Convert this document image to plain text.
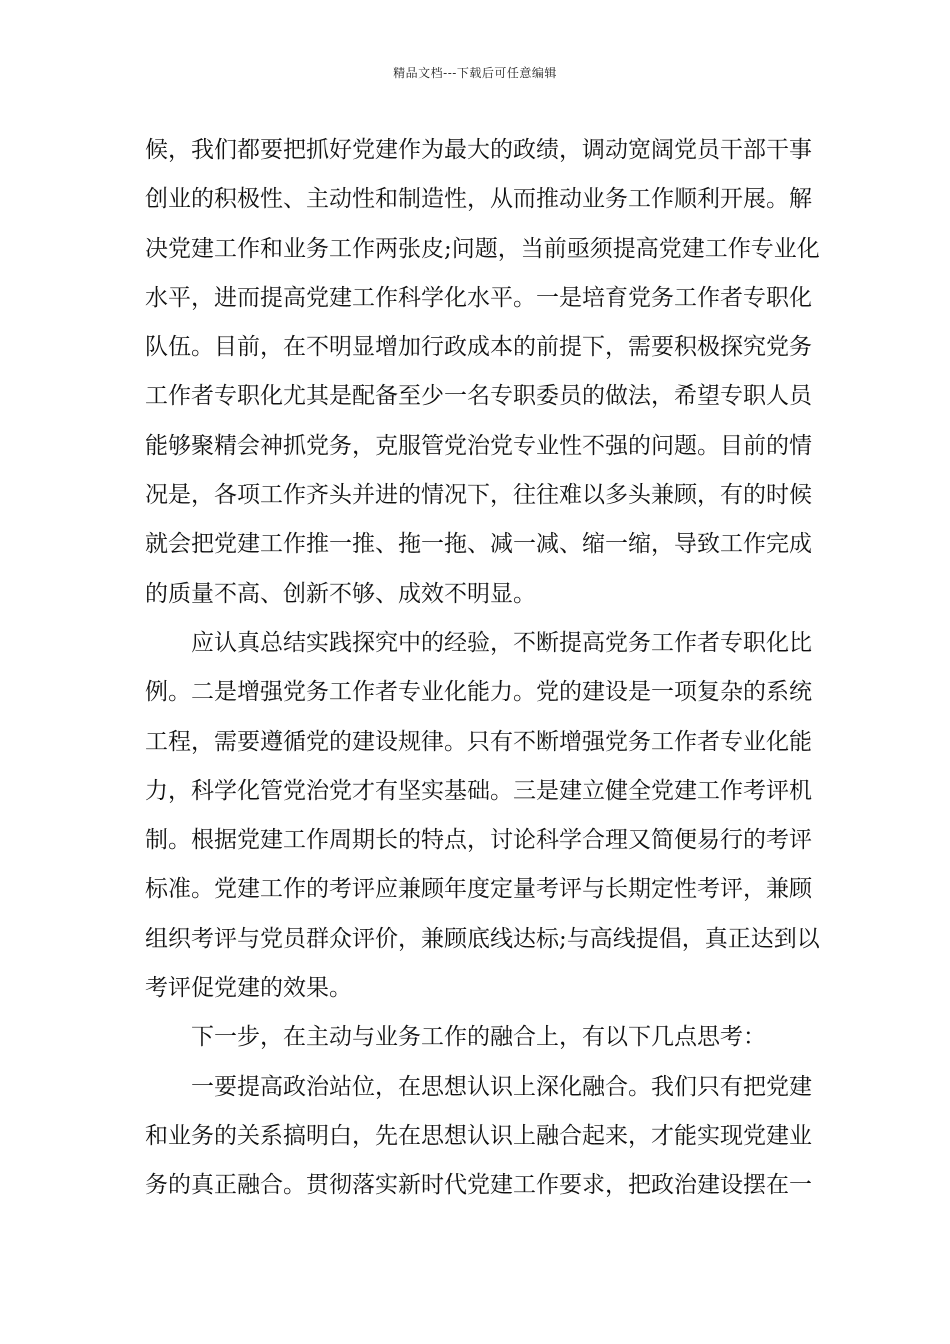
精品文档---下载后可任意编辑
候，我们都要把抓好党建作为最大的政绩，调动宽阔党员干部干事
创业的积极性、主动性和制造性，从而推动业务工作顺利开展。解
决党建工作和业务工作两张皮;问题，当前亟须提高党建工作专业化
水平，进而提高党建工作科学化水平。一是培育党务工作者专职化
队伍。目前，在不明显增加行政成本的前提下，需要积极探究党务
工作者专职化尤其是配备至少一名专职委员的做法，希望专职人员
能够聚精会神抓党务，克服管党治党专业性不强的问题。目前的情
况是，各项工作齐头并进的情况下，往往难以多头兼顾，有的时候
就会把党建工作推一推、拖一拖、减一减、缩一缩，导致工作完成
的质量不高、创新不够、成效不明显。
应认真总结实践探究中的经验，不断提高党务工作者专职化比
例。二是增强党务工作者专业化能力。党的建设是一项复杂的系统
工程，需要遵循党的建设规律。只有不断增强党务工作者专业化能
力，科学化管党治党才有坚实基础。三是建立健全党建工作考评机
制。根据党建工作周期长的特点，讨论科学合理又简便易行的考评
标准。党建工作的考评应兼顾年度定量考评与长期定性考评，兼顾
组织考评与党员群众评价，兼顾底线达标;与高线提倡，真正达到以
考评促党建的效果。
下一步，在主动与业务工作的融合上，有以下几点思考：
一要提高政治站位，在思想认识上深化融合。我们只有把党建
和业务的关系搞明白，先在思想认识上融合起来，才能实现党建业
务的真正融合。贯彻落实新时代党建工作要求，把政治建设摆在一
